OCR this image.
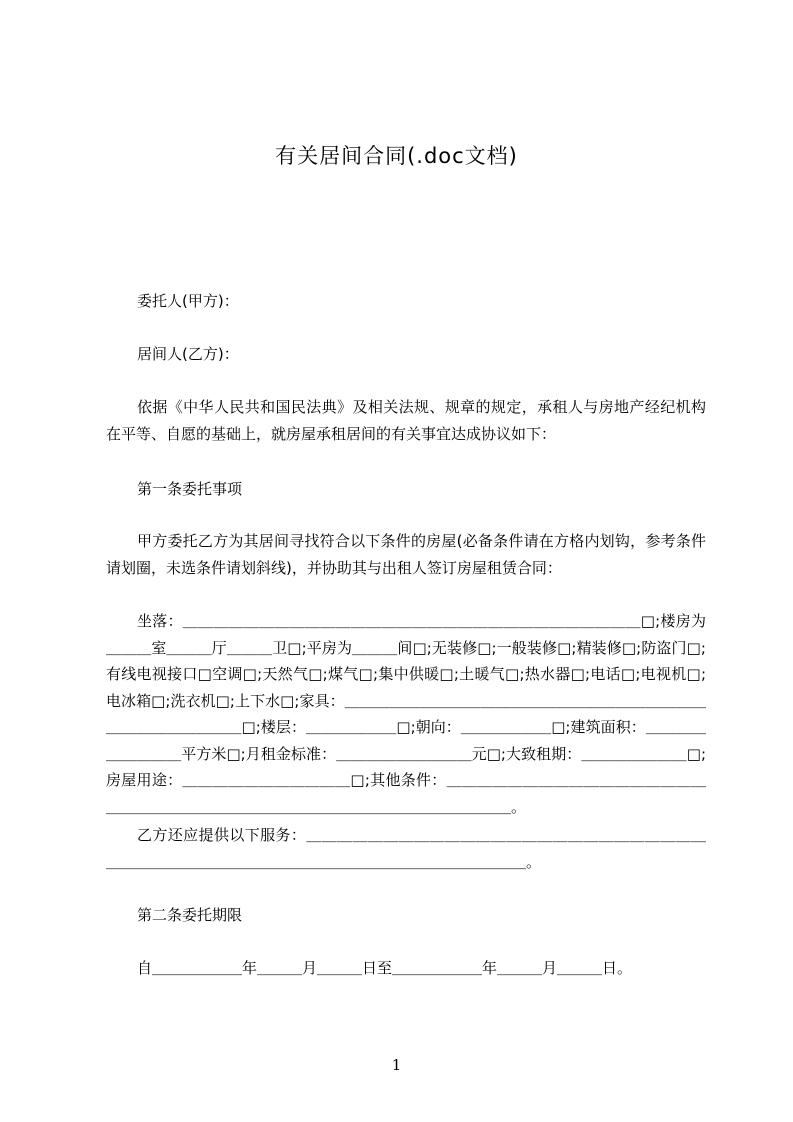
有关居间合同(.doc文档)

委托人(甲方)：

居间人(乙方)：

依据《中华人民共和国民法典》及相关法规、规章的规定，承租人与房地产经纪机构在平等、自愿的基础上，就房屋承租居间的有关事宜达成协议如下：

第一条委托事项

甲方委托乙方为其居间寻找符合以下条件的房屋(必备条件请在方格内划钩，参考条件请划圈，未选条件请划斜线)，并协助其与出租人签订房屋租赁合同：

坐落：＿＿＿＿＿＿＿＿＿＿＿＿＿＿＿＿＿＿＿＿＿＿＿＿＿＿＿＿＿＿□;楼房为＿＿＿室＿＿＿厅＿＿＿卫□;平房为＿＿＿间□;无装修□;一般装修□;精装修□;防盗门□;有线电视接口□空调□;天然气□;煤气□;集中供暖□;土暖气□;热水器□;电话□;电视机□;电冰箱□;洗衣机□;上下水□;家具：＿＿＿＿＿＿＿＿＿＿＿＿＿＿＿＿＿＿＿＿＿＿＿＿＿＿＿＿＿＿＿＿＿□;楼层：＿＿＿＿＿＿□;朝向：＿＿＿＿＿＿□;建筑面积：＿＿＿＿＿＿＿＿＿平方米□;月租金标准：＿＿＿＿＿＿＿＿＿元□;大致租期：＿＿＿＿＿＿＿□;房屋用途：＿＿＿＿＿＿＿＿＿＿＿□;其他条件：＿＿＿＿＿＿＿＿＿＿＿＿＿＿＿＿＿＿＿＿＿＿＿＿＿＿＿＿＿＿＿＿＿＿＿＿＿＿＿＿＿＿＿＿。

乙方还应提供以下服务：＿＿＿＿＿＿＿＿＿＿＿＿＿＿＿＿＿＿＿＿＿＿＿＿＿＿＿＿＿＿＿＿＿＿＿＿＿＿＿＿＿＿＿＿＿＿＿＿＿＿＿＿＿＿。

第二条委托期限

自＿＿＿＿＿＿年＿＿＿月＿＿＿日至＿＿＿＿＿＿年＿＿＿月＿＿＿日。

1
